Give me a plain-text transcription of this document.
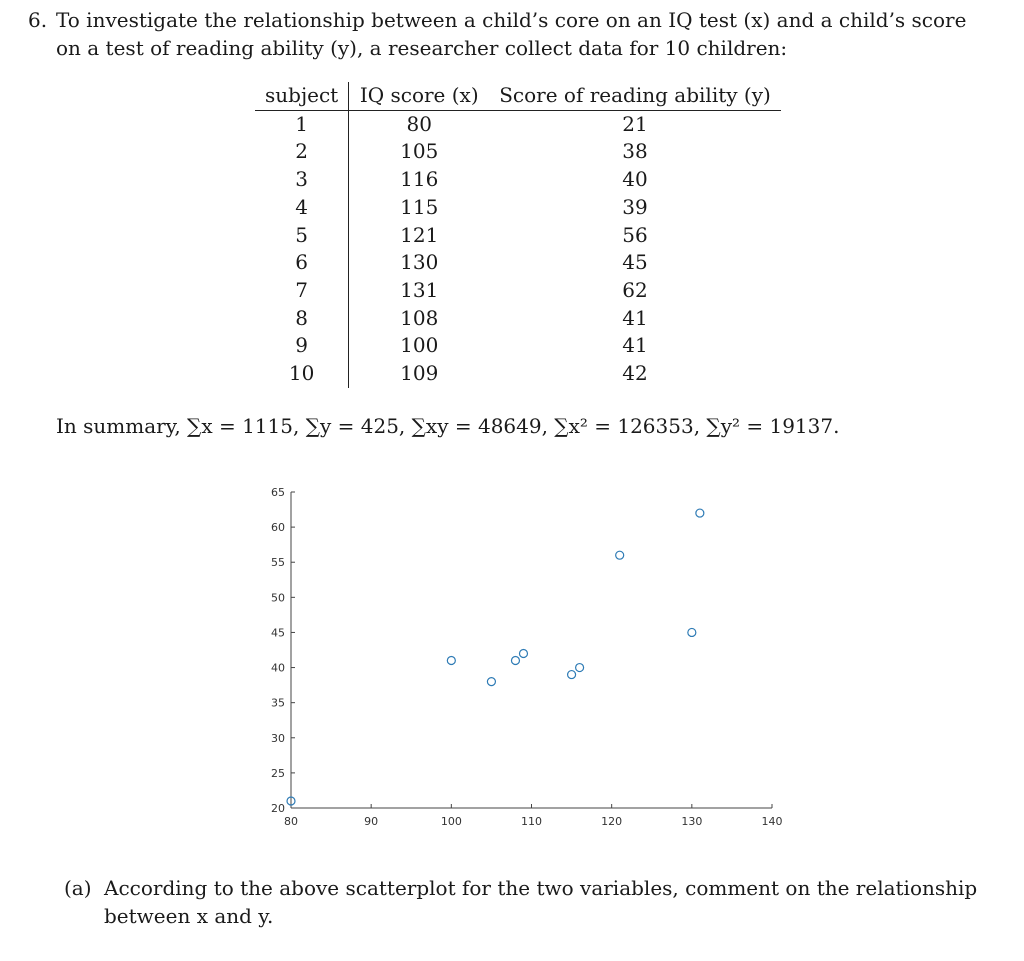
6. To investigate the relationship between a child’s core on an IQ test (x) and a child’s score on a test of reading ability (y), a researcher collect data for 10 children:
subject	IQ score (x)	Score of reading ability (y)
1	80	21
2	105	38
3	116	40
4	115	39
5	121	56
6	130	45
7	131	62
8	108	41
9	100	41
10	109	42
In summary, ∑x = 1115, ∑y = 425, ∑xy = 48649, ∑x² = 126353, ∑y² = 19137.
80	90	100	110	120	130	140
20
25
30
35
40
45
50
55
60
65
(a) According to the above scatterplot for the two variables, comment on the relationship between x and y.
